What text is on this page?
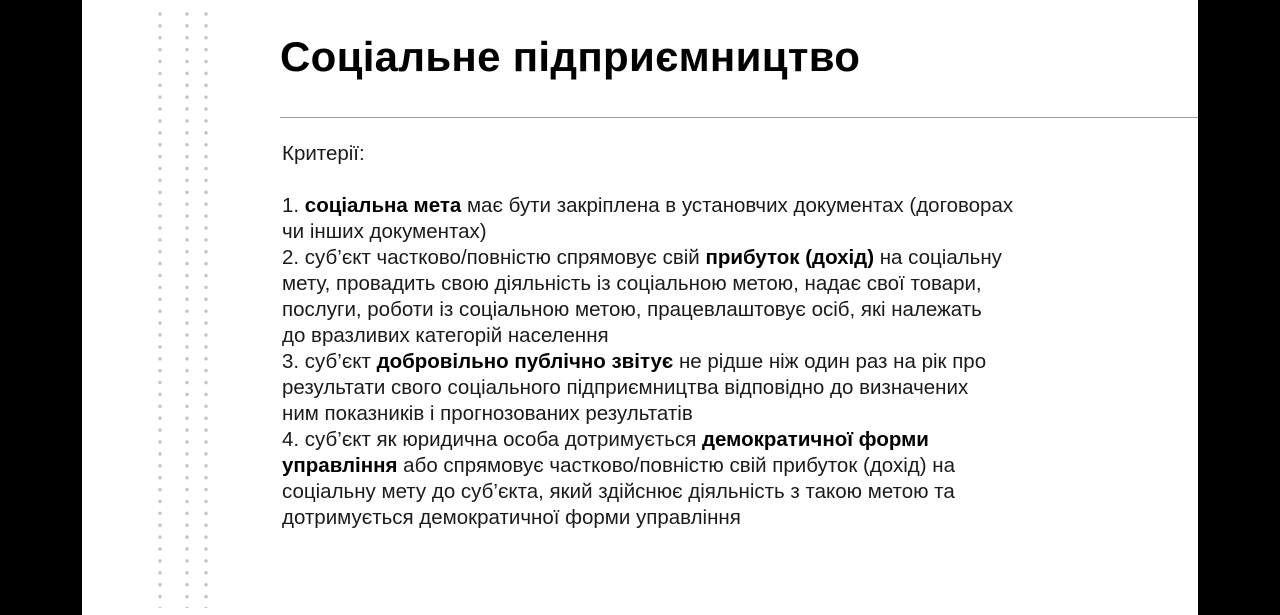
Соціальне підприємництво

Критерії:

1. соціальна мета має бути закріплена в установчих документах (договорах
чи інших документах)

2. суб’єкт частково/повністю спрямовує свій прибуток (дохід) на соціальну
мету, провадить свою діяльність із соціальною метою, надає свої товари,
послуги, роботи із соціальною метою, працевлаштовує осіб, які належать
до вразливих категорій населення

3. суб’єкт добровільно публічно звітує не рідше ніж один раз на рік про
результати свого соціального підприємництва відповідно до визначених
ним показників і прогнозованих результатів

4. суб’єкт як юридична особа дотримується демократичної форми
управління або спрямовує частково/повністю свій прибуток (дохід) на
соціальну мету до суб’єкта, який здійснює діяльність з такою метою та
дотримується демократичної форми управління
